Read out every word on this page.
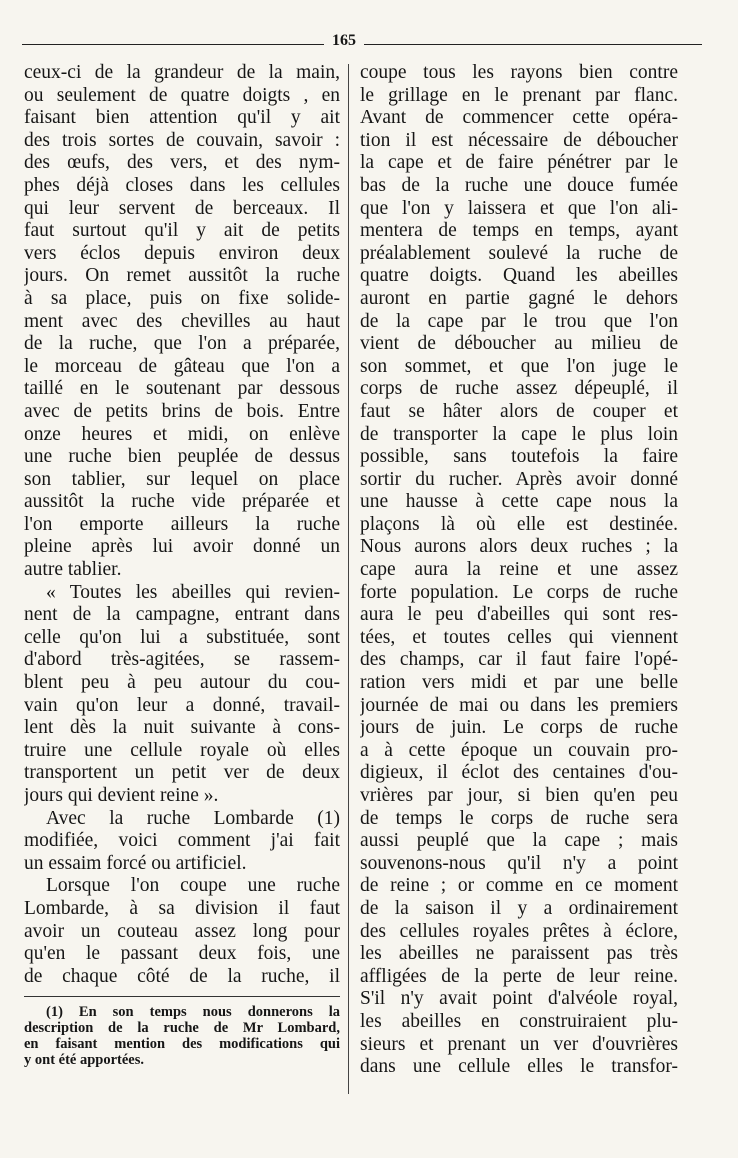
165
ceux-ci de la grandeur de la main,
ou seulement de quatre doigts , en
faisant bien attention qu'il y ait
des trois sortes de couvain, savoir :
des œufs, des vers, et des nym-
phes déjà closes dans les cellules
qui leur servent de berceaux. Il
faut surtout qu'il y ait de petits
vers éclos depuis environ deux
jours. On remet aussitôt la ruche
à sa place, puis on fixe solide-
ment avec des chevilles au haut
de la ruche, que l'on a préparée,
le morceau de gâteau que l'on a
taillé en le soutenant par dessous
avec de petits brins de bois. Entre
onze heures et midi, on enlève
une ruche bien peuplée de dessus
son tablier, sur lequel on place
aussitôt la ruche vide préparée et
l'on emporte ailleurs la ruche
pleine après lui avoir donné un
autre tablier.
« Toutes les abeilles qui revien-
nent de la campagne, entrant dans
celle qu'on lui a substituée, sont
d'abord très-agitées, se rassem-
blent peu à peu autour du cou-
vain qu'on leur a donné, travail-
lent dès la nuit suivante à cons-
truire une cellule royale où elles
transportent un petit ver de deux
jours qui devient reine ».
Avec la ruche Lombarde (1)
modifiée, voici comment j'ai fait
un essaim forcé ou artificiel.
Lorsque l'on coupe une ruche
Lombarde, à sa division il faut
avoir un couteau assez long pour
qu'en le passant deux fois, une
de chaque côté de la ruche, il
coupe tous les rayons bien contre
le grillage en le prenant par flanc.
Avant de commencer cette opéra-
tion il est nécessaire de déboucher
la cape et de faire pénétrer par le
bas de la ruche une douce fumée
que l'on y laissera et que l'on ali-
mentera de temps en temps, ayant
préalablement soulevé la ruche de
quatre doigts. Quand les abeilles
auront en partie gagné le dehors
de la cape par le trou que l'on
vient de déboucher au milieu de
son sommet, et que l'on juge le
corps de ruche assez dépeuplé, il
faut se hâter alors de couper et
de transporter la cape le plus loin
possible, sans toutefois la faire
sortir du rucher. Après avoir donné
une hausse à cette cape nous la
plaçons là où elle est destinée.
Nous aurons alors deux ruches ; la
cape aura la reine et une assez
forte population. Le corps de ruche
aura le peu d'abeilles qui sont res-
tées, et toutes celles qui viennent
des champs, car il faut faire l'opé-
ration vers midi et par une belle
journée de mai ou dans les premiers
jours de juin. Le corps de ruche
a à cette époque un couvain pro-
digieux, il éclot des centaines d'ou-
vrières par jour, si bien qu'en peu
de temps le corps de ruche sera
aussi peuplé que la cape ; mais
souvenons-nous qu'il n'y a point
de reine ; or comme en ce moment
de la saison il y a ordinairement
des cellules royales prêtes à éclore,
les abeilles ne paraissent pas très
affligées de la perte de leur reine.
S'il n'y avait point d'alvéole royal,
les abeilles en construiraient plu-
sieurs et prenant un ver d'ouvrières
dans une cellule elles le transfor-
(1) En son temps nous donnerons la
description de la ruche de Mr Lombard,
en faisant mention des modifications qui
y ont été apportées.
